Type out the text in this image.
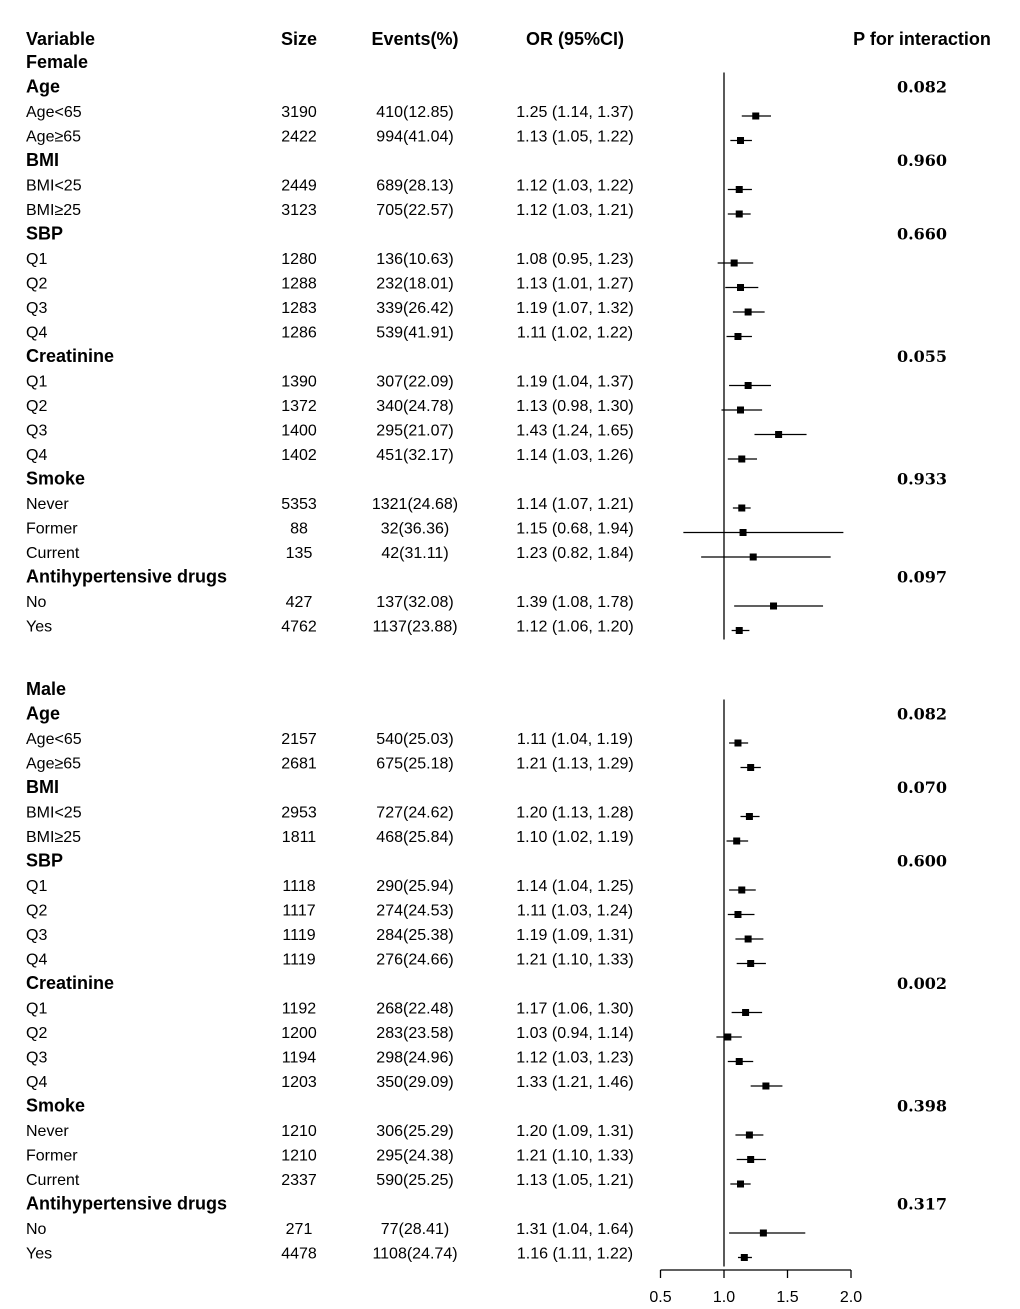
Variable	Size	Events(%)	OR (95%CI)	P for interaction
Female
Age	0.082
Age<65	3190	410(12.85)	1.25 (1.14, 1.37)
Age≥65	2422	994(41.04)	1.13 (1.05, 1.22)
BMI	0.960
BMI<25	2449	689(28.13)	1.12 (1.03, 1.22)
BMI≥25	3123	705(22.57)	1.12 (1.03, 1.21)
SBP	0.660
Q1	1280	136(10.63)	1.08 (0.95, 1.23)
Q2	1288	232(18.01)	1.13 (1.01, 1.27)
Q3	1283	339(26.42)	1.19 (1.07, 1.32)
Q4	1286	539(41.91)	1.11 (1.02, 1.22)
Creatinine	0.055
Q1	1390	307(22.09)	1.19 (1.04, 1.37)
Q2	1372	340(24.78)	1.13 (0.98, 1.30)
Q3	1400	295(21.07)	1.43 (1.24, 1.65)
Q4	1402	451(32.17)	1.14 (1.03, 1.26)
Smoke	0.933
Never	5353	1321(24.68)	1.14 (1.07, 1.21)
Former	88	32(36.36)	1.15 (0.68, 1.94)
Current	135	42(31.11)	1.23 (0.82, 1.84)
Antihypertensive drugs	0.097
No	427	137(32.08)	1.39 (1.08, 1.78)
Yes	4762	1137(23.88)	1.12 (1.06, 1.20)
Male
Age	0.082
Age<65	2157	540(25.03)	1.11 (1.04, 1.19)
Age≥65	2681	675(25.18)	1.21 (1.13, 1.29)
BMI	0.070
BMI<25	2953	727(24.62)	1.20 (1.13, 1.28)
BMI≥25	1811	468(25.84)	1.10 (1.02, 1.19)
SBP	0.600
Q1	1118	290(25.94)	1.14 (1.04, 1.25)
Q2	1117	274(24.53)	1.11 (1.03, 1.24)
Q3	1119	284(25.38)	1.19 (1.09, 1.31)
Q4	1119	276(24.66)	1.21 (1.10, 1.33)
Creatinine	0.002
Q1	1192	268(22.48)	1.17 (1.06, 1.30)
Q2	1200	283(23.58)	1.03 (0.94, 1.14)
Q3	1194	298(24.96)	1.12 (1.03, 1.23)
Q4	1203	350(29.09)	1.33 (1.21, 1.46)
Smoke	0.398
Never	1210	306(25.29)	1.20 (1.09, 1.31)
Former	1210	295(24.38)	1.21 (1.10, 1.33)
Current	2337	590(25.25)	1.13 (1.05, 1.21)
Antihypertensive drugs	0.317
No	271	77(28.41)	1.31 (1.04, 1.64)
Yes	4478	1108(24.74)	1.16 (1.11, 1.22)
0.5	1.0	1.5	2.0
